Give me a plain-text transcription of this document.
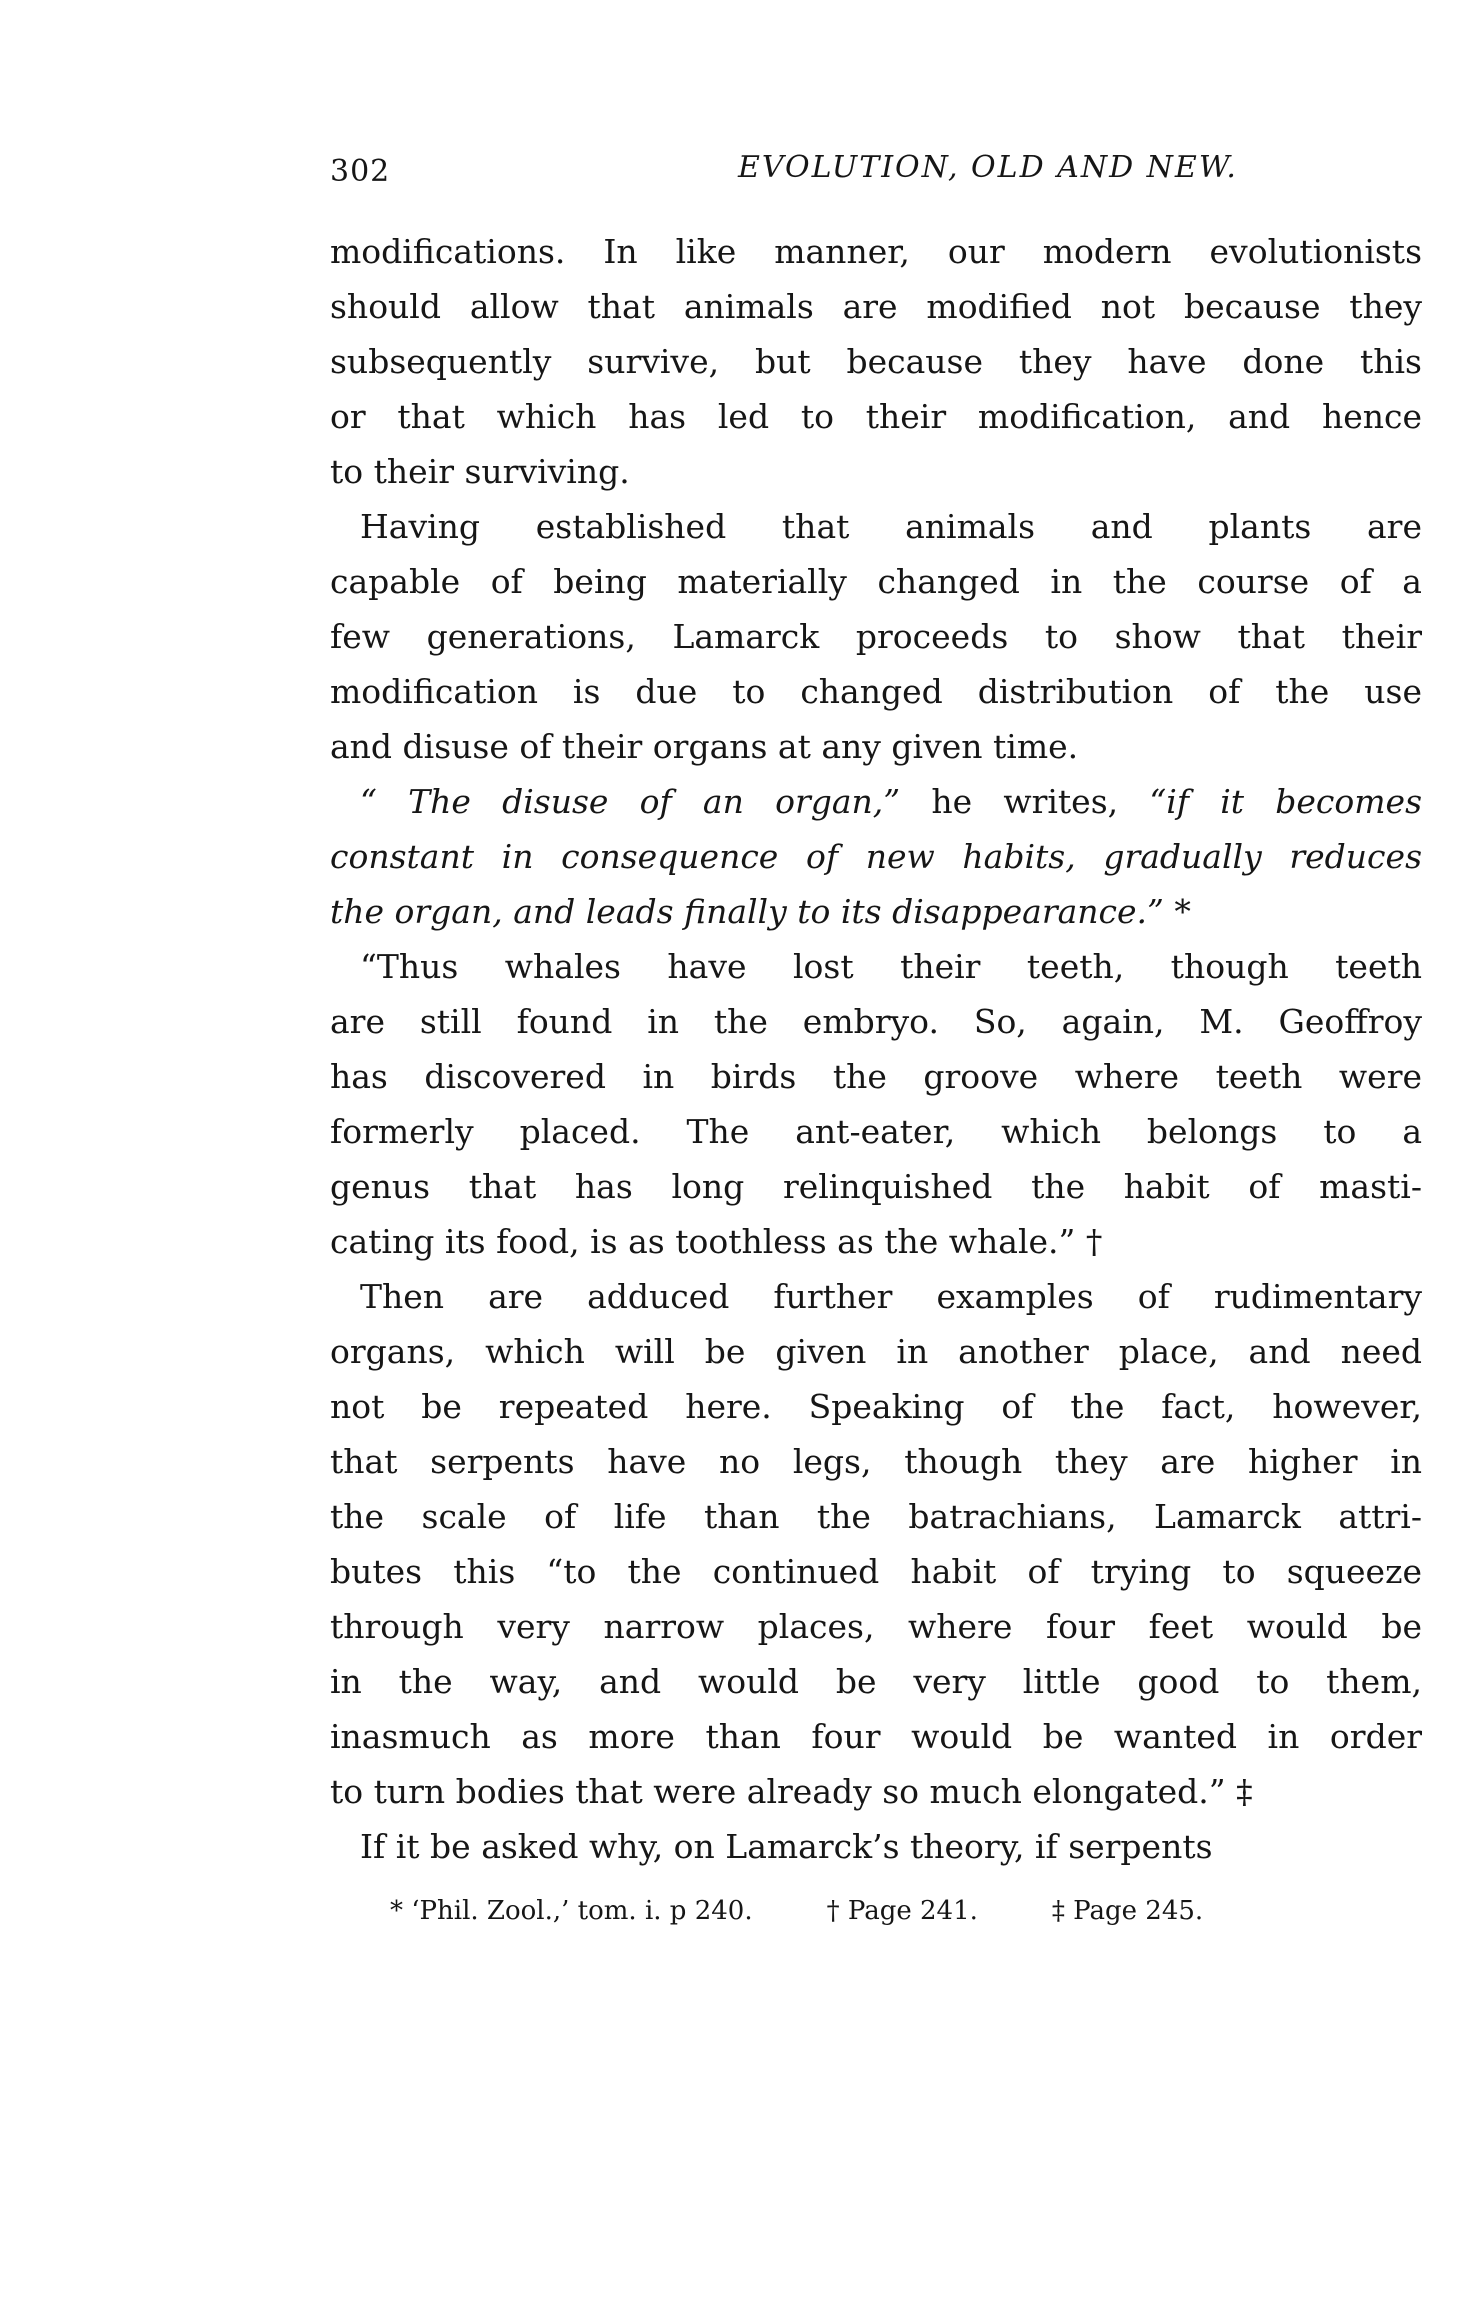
302	EVOLUTION, OLD AND NEW.
modifications. In like manner, our modern evolutionists
should allow that animals are modified not because they
subsequently survive, but because they have done this
or that which has led to their modification, and hence
to their surviving.
Having established that animals and plants are
capable of being materially changed in the course of a
few generations, Lamarck proceeds to show that their
modification is due to changed distribution of the use
and disuse of their organs at any given time.
“ The disuse of an organ,” he writes, “if it becomes
constant in consequence of new habits, gradually reduces
the organ, and leads finally to its disappearance.” *
“Thus whales have lost their teeth, though teeth
are still found in the embryo. So, again, M. Geoffroy
has discovered in birds the groove where teeth were
formerly placed. The ant-eater, which belongs to a
genus that has long relinquished the habit of masti-
cating its food, is as toothless as the whale.” †
Then are adduced further examples of rudimentary
organs, which will be given in another place, and need
not be repeated here. Speaking of the fact, however,
that serpents have no legs, though they are higher in
the scale of life than the batrachians, Lamarck attri-
butes this “to the continued habit of trying to squeeze
through very narrow places, where four feet would be
in the way, and would be very little good to them,
inasmuch as more than four would be wanted in order
to turn bodies that were already so much elongated.” ‡
If it be asked why, on Lamarck’s theory, if serpents
* ‘Phil. Zool.,’ tom. i. p 240.	† Page 241.	‡ Page 245.
